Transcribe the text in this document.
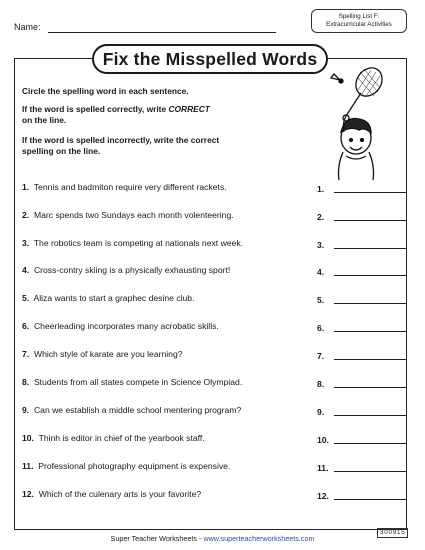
Name:
Spelling List F:
Extracurricular Activities
Fix the Misspelled Words
Circle the spelling word in each sentence.
If the word is spelled correctly, write CORRECT
on the line.
If the word is spelled incorrectly, write the correct
spelling on the line.
1. Tennis and badmiton require very different rackets.	1.
2. Marc spends two Sundays each month volenteering.	2.
3. The robotics team is competing at nationals next week.	3.
4. Cross-contry skiing is a physically exhausting sport!	4.
5. Aliza wants to start a graphec desine club.	5.
6. Cheerleading incorporates many acrobatic skills.	6.
7. Which style of karate are you learning?	7.
8. Students from all states compete in Science Olympiad.	8.
9. Can we establish a middle school mentering program?	9.
10. Thinh is editor in chief of the yearbook staff.	10.
11. Professional photography equipment is expensive.	11.
12. Which of the culenary arts is your favorite?	12.
Super Teacher Worksheets - www.superteacherworksheets.com
300915
